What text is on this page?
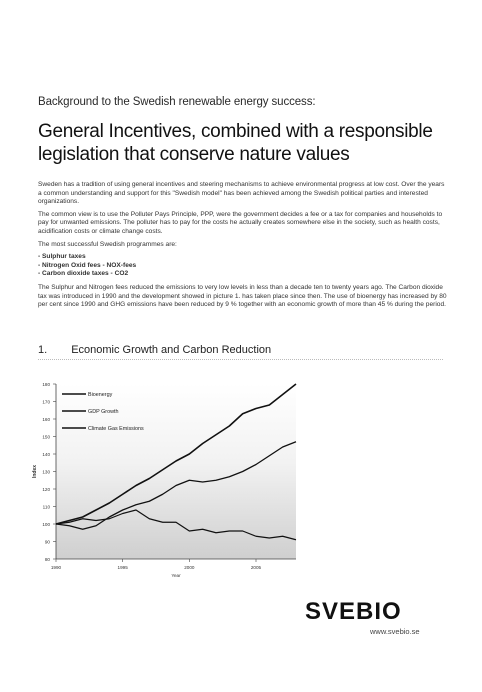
Background to the Swedish renewable energy success:
General Incentives, combined with a responsible
legislation that conserve nature values

Sweden has a tradition of using general incentives and steering mechanisms to achieve environmental progress at low cost. Over the years a common understanding and support for this "Swedish model" has been achieved among the Swedish political parties and interested organizations.

The common view is to use the Polluter Pays Principle, PPP, were the government decides a fee or a tax for companies and households to pay for unwanted emissions. The polluter has to pay for the costs he actually creates somewhere else in the society, such as health costs, acidification costs or climate change costs.

The most successful Swedish programmes are:

- Sulphur taxes
- Nitrogen Oxid fees - NOX-fees
- Carbon dioxide taxes - CO2

The Sulphur and Nitrogen fees reduced the emissions to very low levels in less than a decade ten to twenty years ago. The Carbon dioxide tax was introduced in 1990 and the development showed in picture 1. has taken place since then. The use of bioenergy has increased by 80 per cent since 1990 and GHG emissions have been reduced by 9 % together with an economic growth of more than 45 % during the period.

1. Economic Growth and Carbon Reduction
80
90
100
110
120
130
140
150
160
170
180
1990	1995	2000	2005
Year
Index
Bioenergy
GDP Growth
Climate Gas Emissions
SVEBIO
www.svebio.se
